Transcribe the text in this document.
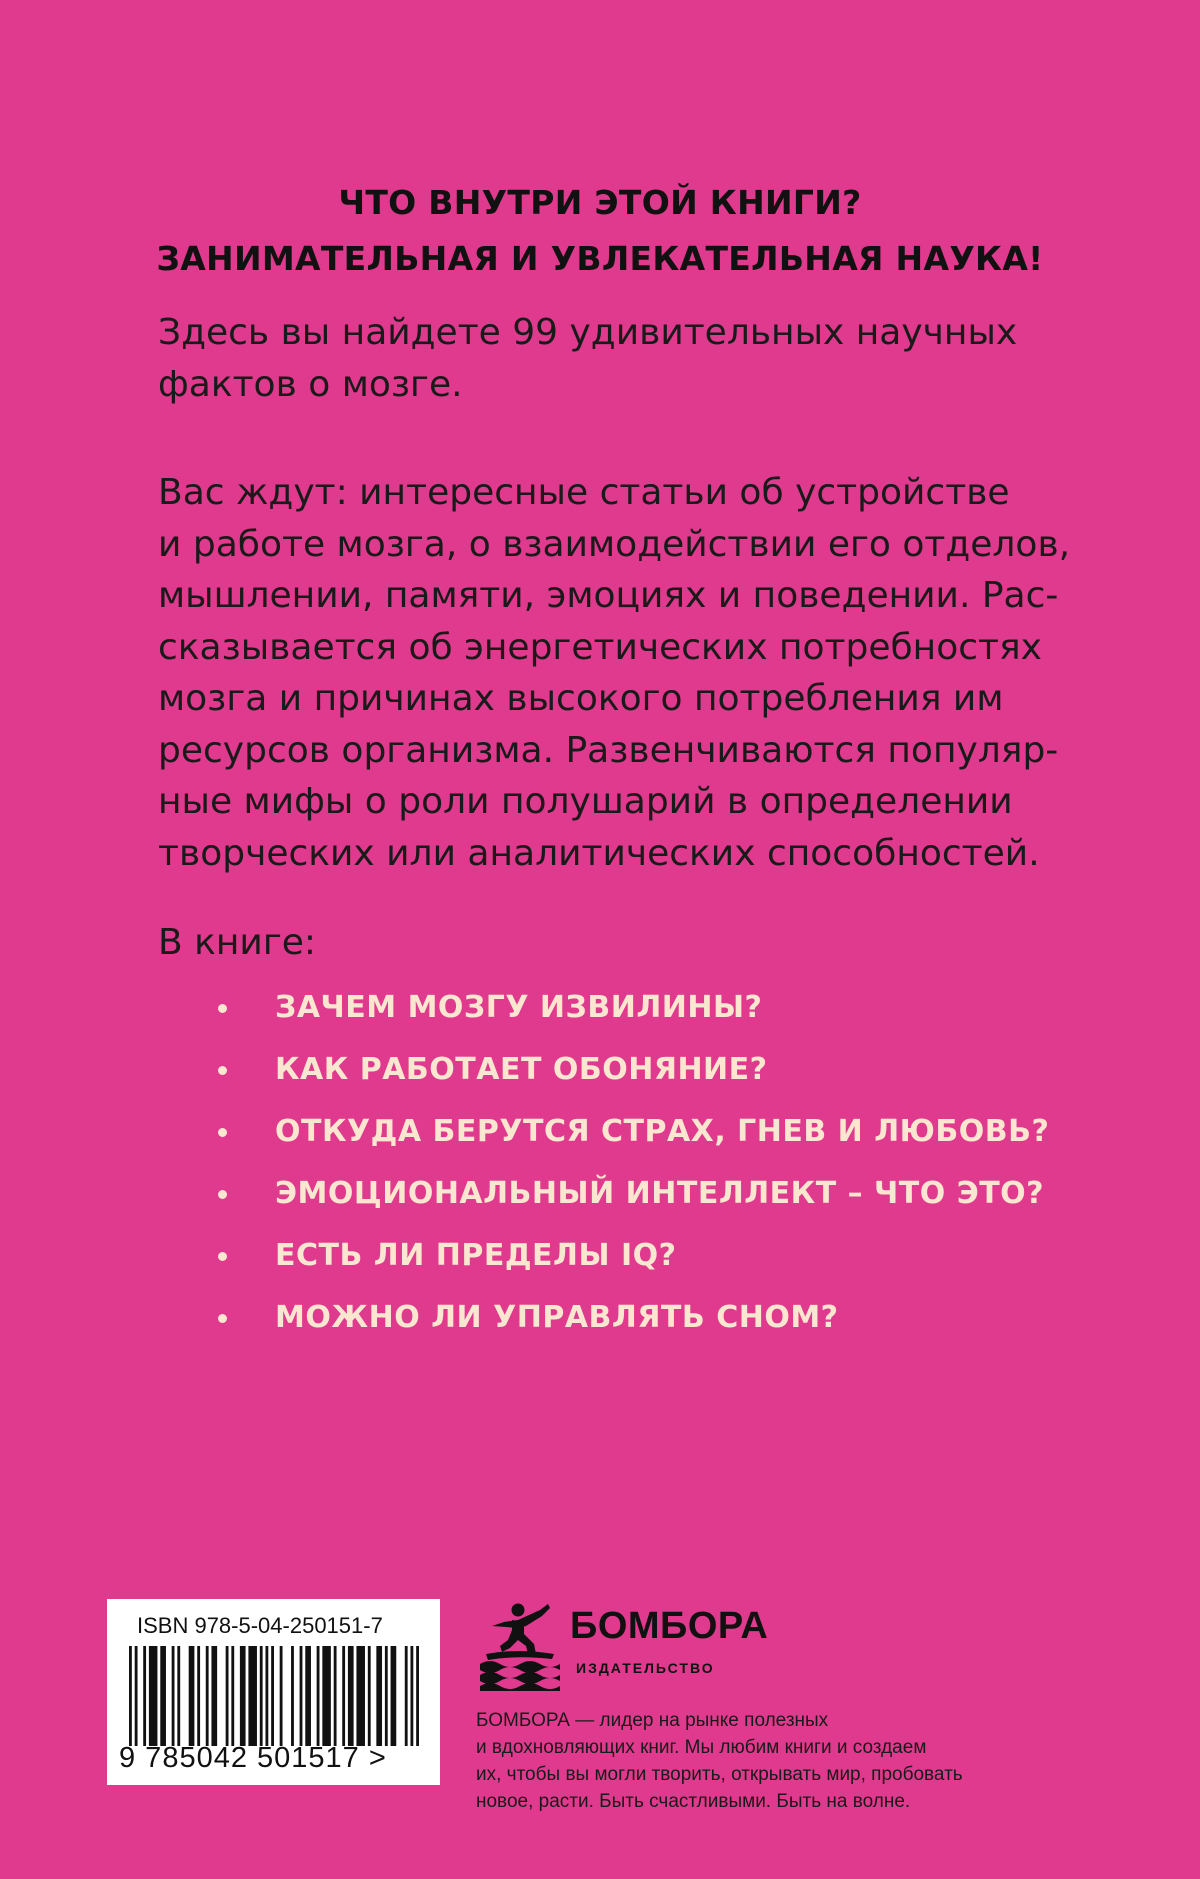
ЧТО ВНУТРИ ЭТОЙ КНИГИ?
ЗАНИМАТЕЛЬНАЯ И УВЛЕКАТЕЛЬНАЯ НАУКА!
Здесь вы найдете 99 удивительных научных
фактов о мозге.
Вас ждут: интересные статьи об устройстве
и работе мозга, о взаимодействии его отделов,
мышлении, памяти, эмоциях и поведении. Рас-
сказывается об энергетических потребностях
мозга и причинах высокого потребления им
ресурсов организма. Развенчиваются популяр-
ные мифы о роли полушарий в определении
творческих или аналитических способностей.
В книге:
ЗАЧЕМ МОЗГУ ИЗВИЛИНЫ?
КАК РАБОТАЕТ ОБОНЯНИЕ?
ОТКУДА БЕРУТСЯ СТРАХ, ГНЕВ И ЛЮБОВЬ?
ЭМОЦИОНАЛЬНЫЙ ИНТЕЛЛЕКТ – ЧТО ЭТО?
ЕСТЬ ЛИ ПРЕДЕЛЫ IQ?
МОЖНО ЛИ УПРАВЛЯТЬ СНОМ?
ISBN 978-5-04-250151-7
9 785042 501517 >
БОМБОРА
ИЗДАТЕЛЬСТВО
БОМБОРА — лидер на рынке полезных
и вдохновляющих книг. Мы любим книги и создаем
их, чтобы вы могли творить, открывать мир, пробовать
новое, расти. Быть счастливыми. Быть на волне.
